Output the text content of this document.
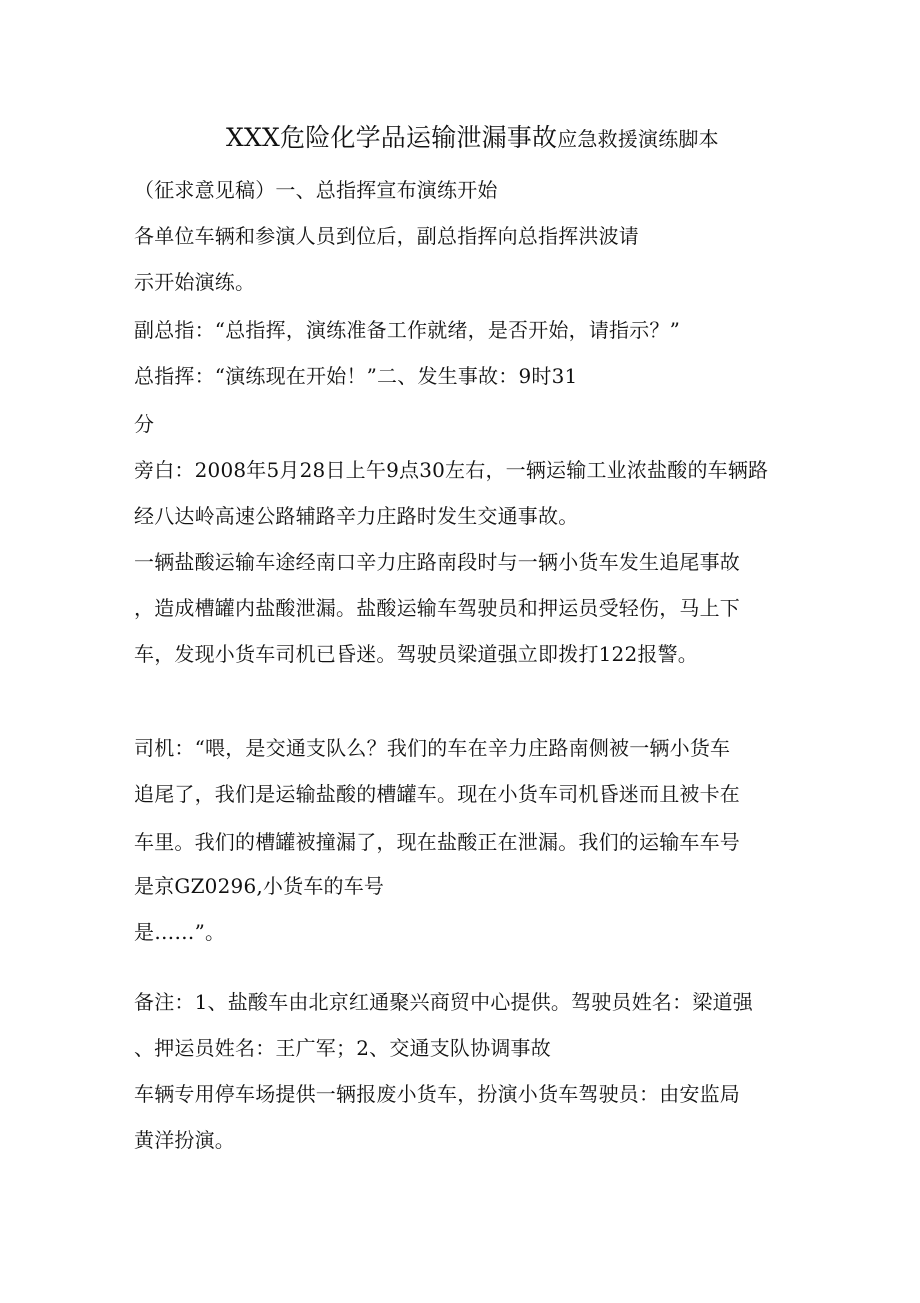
XXX危险化学品运输泄漏事故应急救援演练脚本
（征求意见稿）一、总指挥宣布演练开始
各单位车辆和参演人员到位后，副总指挥向总指挥洪波请
示开始演练。
副总指：“总指挥，演练准备工作就绪，是否开始，请指示？”
总指挥：“演练现在开始！”二、发生事故：9时31
分
旁白：2008年5月28日上午9点30左右，一辆运输工业浓盐酸的车辆路
经八达岭高速公路辅路辛力庄路时发生交通事故。
一辆盐酸运输车途经南口辛力庄路南段时与一辆小货车发生追尾事故
，造成槽罐内盐酸泄漏。盐酸运输车驾驶员和押运员受轻伤，马上下
车，发现小货车司机已昏迷。驾驶员梁道强立即拨打122报警。
司机：“喂，是交通支队么？我们的车在辛力庄路南侧被一辆小货车
追尾了，我们是运输盐酸的槽罐车。现在小货车司机昏迷而且被卡在
车里。我们的槽罐被撞漏了，现在盐酸正在泄漏。我们的运输车车号
是京GZ0296,小货车的车号
是……”。
备注：1、盐酸车由北京红通聚兴商贸中心提供。驾驶员姓名：梁道强
、押运员姓名：王广军；2、交通支队协调事故
车辆专用停车场提供一辆报废小货车，扮演小货车驾驶员：由安监局
黄洋扮演。
